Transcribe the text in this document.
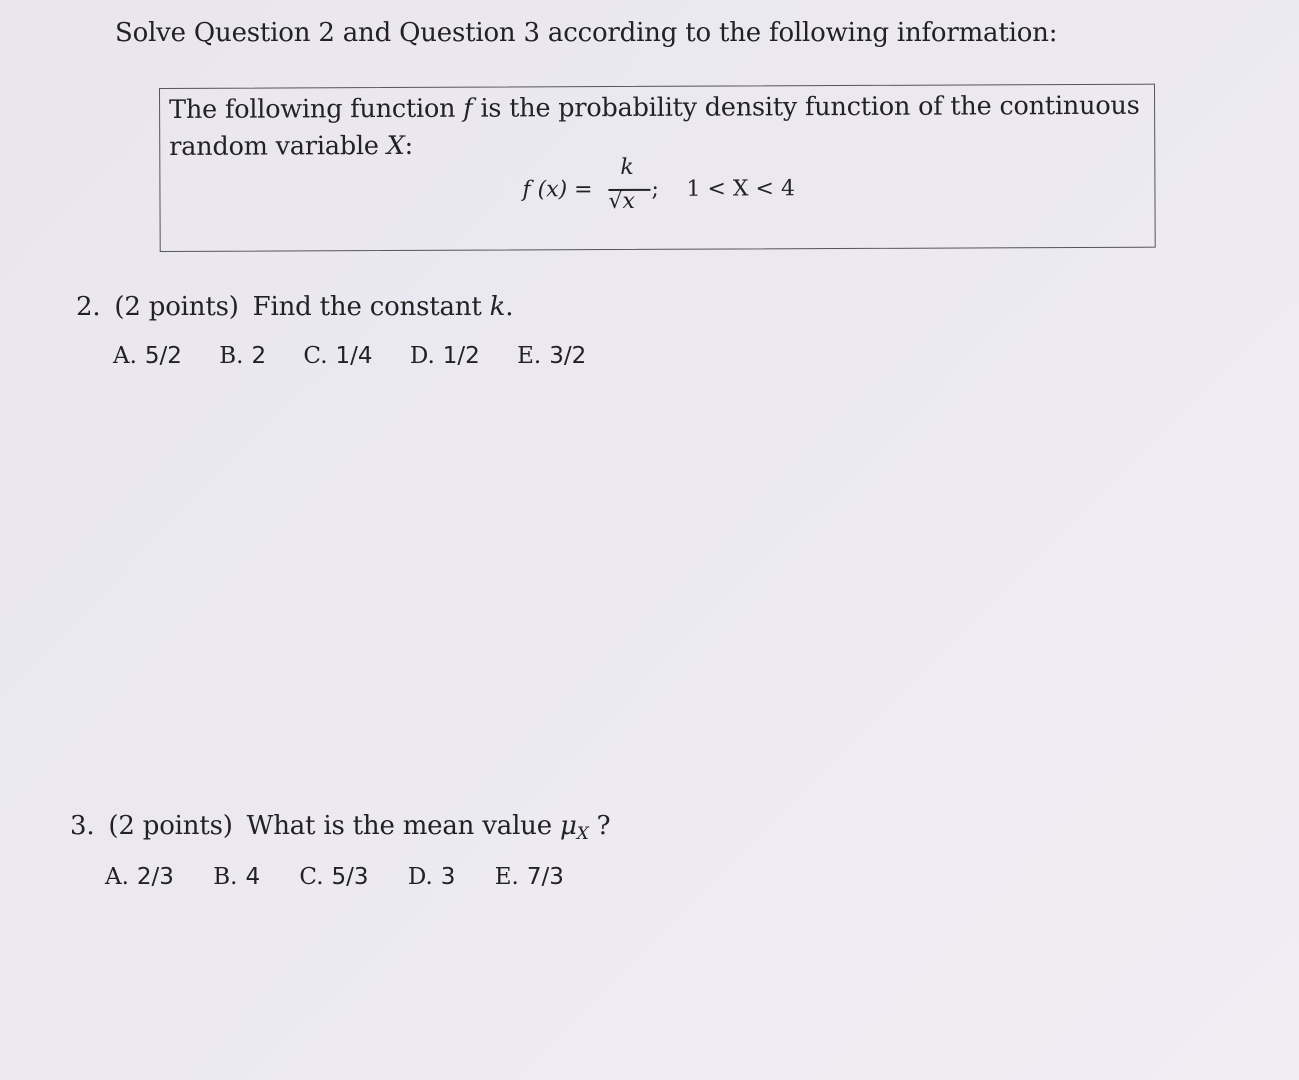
Solve Question 2 and Question 3 according to the following information:
The following function f is the probability density function of the continuous
random variable X:
f (x) =
k
√x ; 1 < X < 4
2. (2 points) Find the constant k.
A. 5/2 B. 2 C. 1/4 D. 1/2 E. 3/2
3. (2 points) What is the mean value μX ?
A. 2/3 B. 4 C. 5/3 D. 3 E. 7/3
